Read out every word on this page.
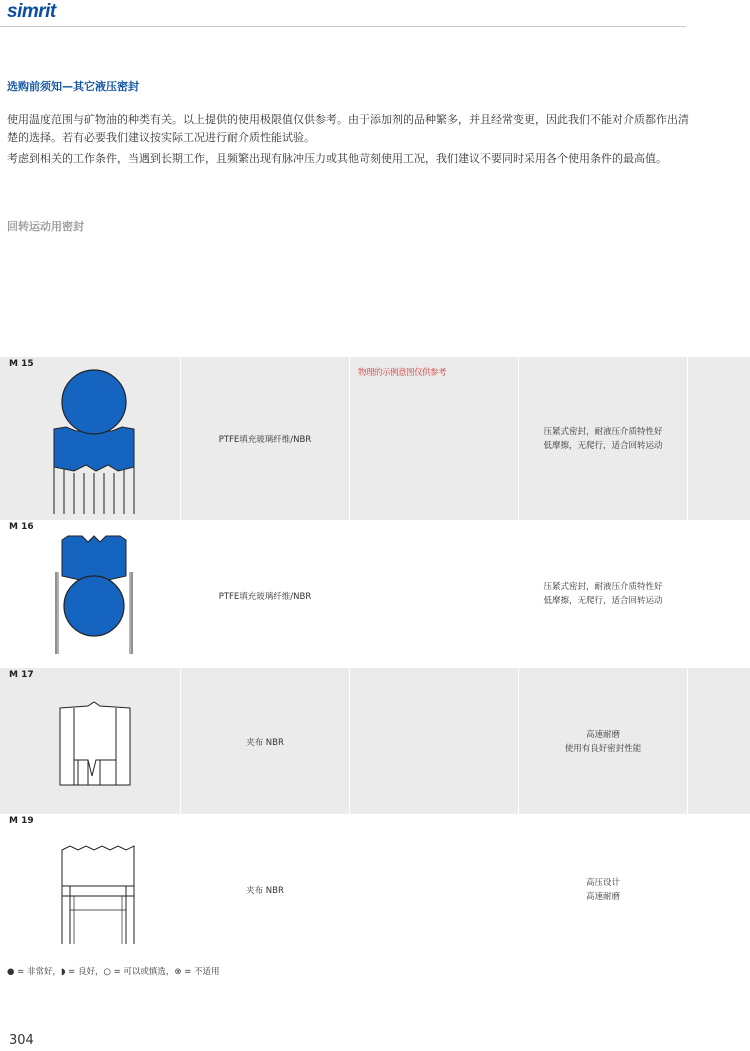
simrit
选购前须知—其它液压密封
使用温度范围与矿物油的种类有关。以上提供的使用极限值仅供参考。由于添加剂的品种繁多，并且经常变更，因此我们不能对介质都作出清楚的选择。若有必要我们建议按实际工况进行耐介质性能试验。
考虑到相关的工作条件，当遇到长期工作，且频繁出现有脉冲压力或其他苛刻使用工况，我们建议不要同时采用各个使用条件的最高值。
回转运动用密封
M 15
PTFE填充玻璃纤维/NBR
物理的示例意图仅供参考
压紧式密封，耐液压介质特性好
低摩擦，无爬行，适合回转运动
M 16
PTFE填充玻璃纤维/NBR
压紧式密封，耐液压介质特性好
低摩擦，无爬行，适合回转运动
M 17
夹布 NBR
高速耐磨
使用有良好密封性能
M 19
夹布 NBR
高压设计
高速耐磨
● = 非常好，◗ = 良好，○ = 可以或慎选，⊗ = 不适用
304
